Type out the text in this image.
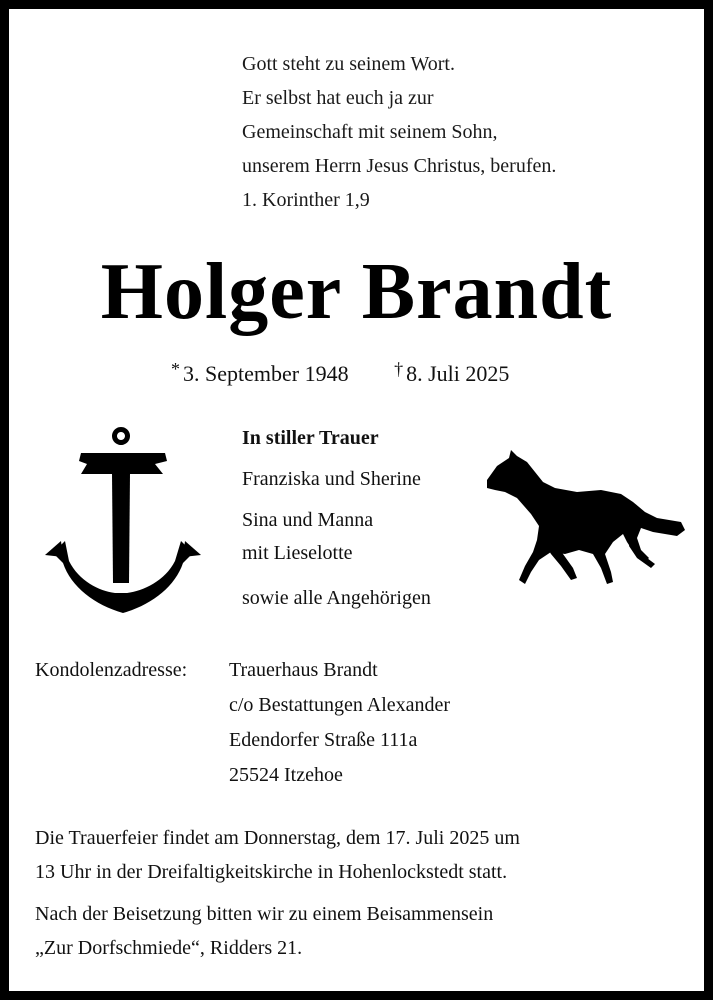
Gott steht zu seinem Wort.
Er selbst hat euch ja zur
Gemeinschaft mit seinem Sohn,
unserem Herrn Jesus Christus, berufen.
1. Korinther 1,9
Holger Brandt
* 3. September 1948	† 8. Juli 2025
In stiller Trauer
Franziska und Sherine
Sina und Manna
mit Lieselotte
sowie alle Angehörigen
Kondolenzadresse: Trauerhaus Brandt
c/o Bestattungen Alexander
Edendorfer Straße 111a
25524 Itzehoe
Die Trauerfeier findet am Donnerstag, dem 17. Juli 2025 um
13 Uhr in der Dreifaltigkeitskirche in Hohenlockstedt statt.
Nach der Beisetzung bitten wir zu einem Beisammensein
„Zur Dorfschmiede“, Ridders 21.
